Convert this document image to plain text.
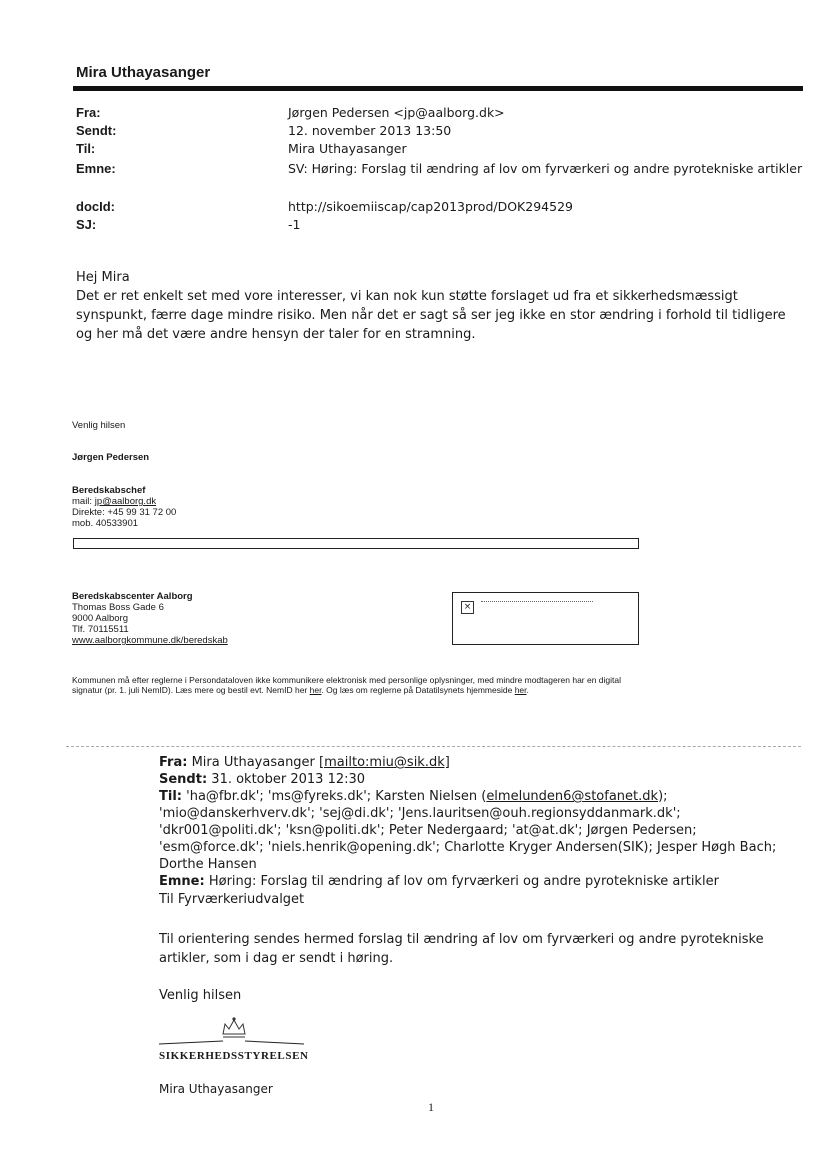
Mira Uthayasanger
Fra:	Jørgen Pedersen <jp@aalborg.dk>
Sendt:	12. november 2013 13:50
Til:	Mira Uthayasanger
Emne:	SV: Høring: Forslag til ændring af lov om fyrværkeri og andre pyrotekniske artikler
docId:	http://sikoemiiscap/cap2013prod/DOK294529
SJ:	-1
Hej Mira
Det er ret enkelt set med vore interesser, vi kan nok kun støtte forslaget ud fra et sikkerhedsmæssigt synspunkt, færre dage mindre risiko. Men når det er sagt så ser jeg ikke en stor ændring i forhold til tidligere og her må det være andre hensyn der taler for en stramning.
Venlig hilsen
Jørgen Pedersen
Beredskabschef
mail: jp@aalborg.dk
Direkte: +45 99 31 72 00
mob. 40533901
Beredskabscenter Aalborg
Thomas Boss Gade 6
9000 Aalborg
Tlf. 70115511
www.aalborgkommune.dk/beredskab
×
Kommunen må efter reglerne i Persondataloven ikke kommunikere elektronisk med personlige oplysninger, med mindre modtageren har en digital signatur (pr. 1. juli NemID). Læs mere og bestil evt. NemID her her. Og læs om reglerne på Datatilsynets hjemmeside her.
Fra: Mira Uthayasanger [mailto:miu@sik.dk]
Sendt: 31. oktober 2013 12:30
Til: 'ha@fbr.dk'; 'ms@fyreks.dk'; Karsten Nielsen (elmelunden6@stofanet.dk); 'mio@danskerhverv.dk'; 'sej@di.dk'; 'Jens.lauritsen@ouh.regionsyddanmark.dk'; 'dkr001@politi.dk'; 'ksn@politi.dk'; Peter Nedergaard; 'at@at.dk'; Jørgen Pedersen; 'esm@force.dk'; 'niels.henrik@opening.dk'; Charlotte Kryger Andersen(SIK); Jesper Høgh Bach; Dorthe Hansen
Emne: Høring: Forslag til ændring af lov om fyrværkeri og andre pyrotekniske artikler
Til Fyrværkeriudvalget
Til orientering sendes hermed forslag til ændring af lov om fyrværkeri og andre pyrotekniske artikler, som i dag er sendt i høring.
Venlig hilsen
SIKKERHEDSSTYRELSEN
Mira Uthayasanger
1
